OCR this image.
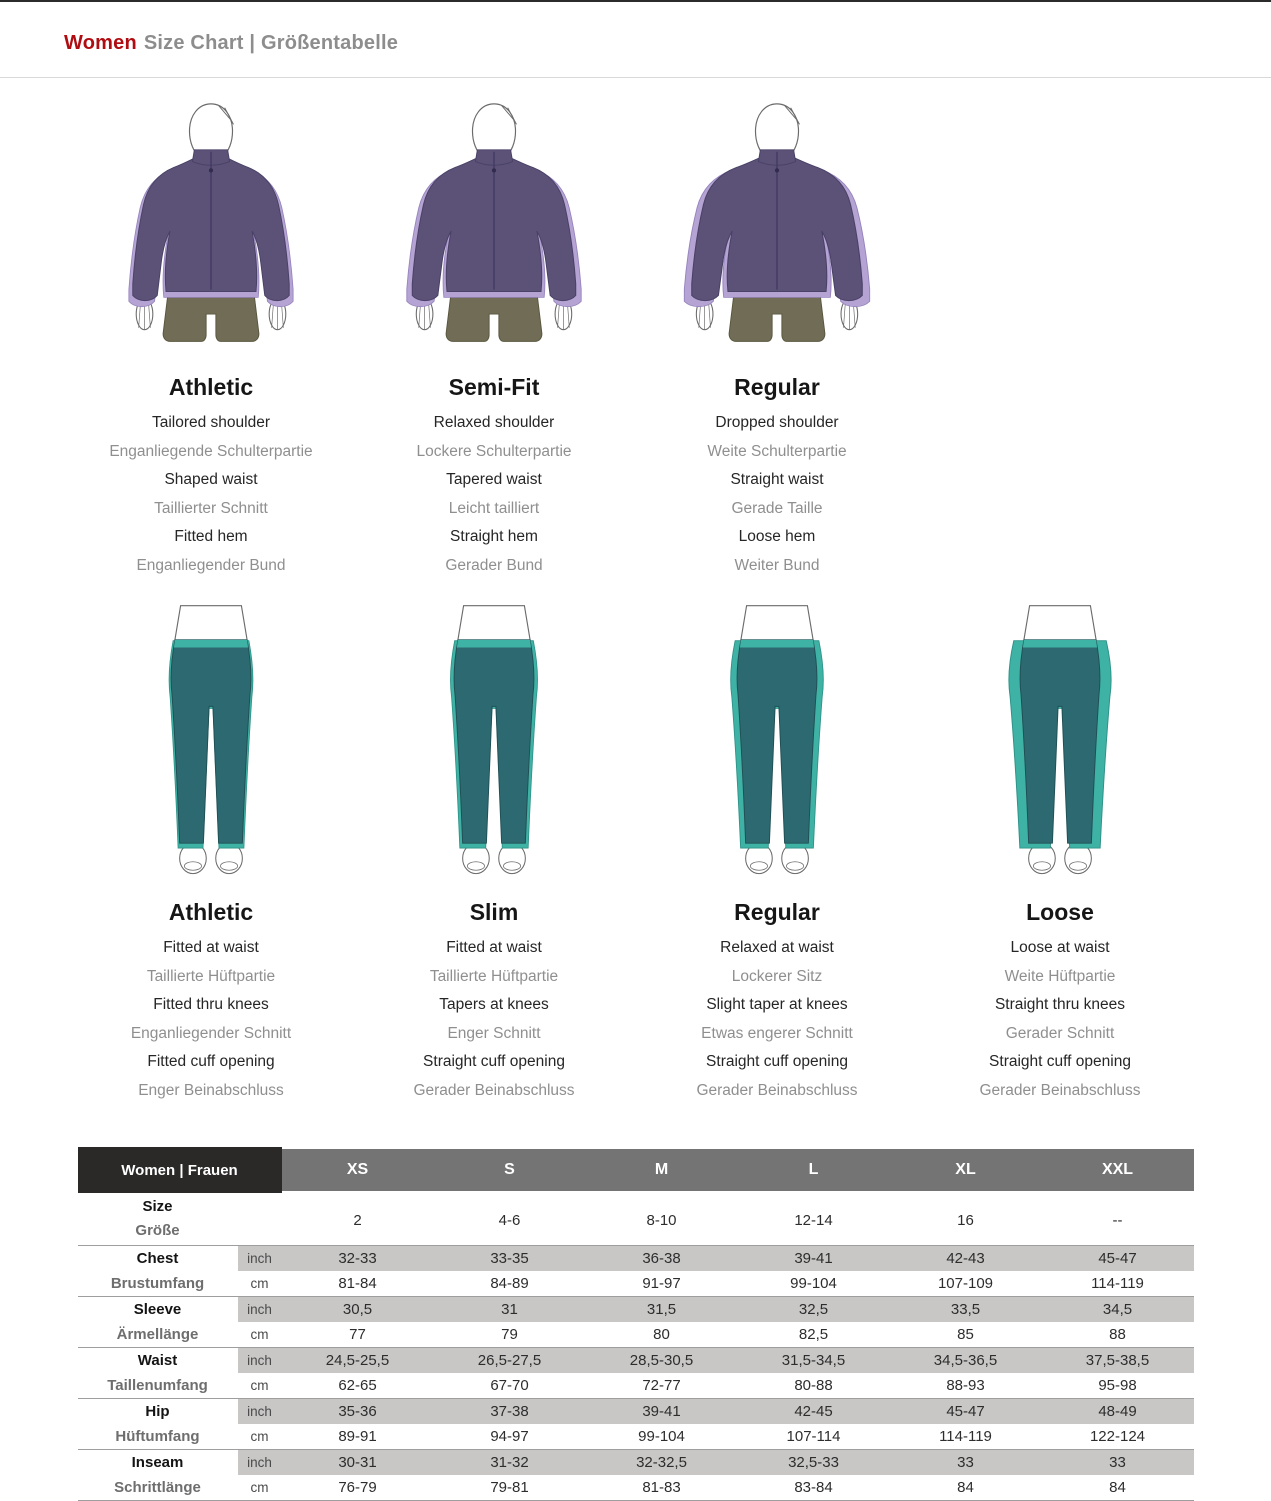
Women Size Chart | Größentabelle
Athletic

Tailored shoulder

Enganliegende Schulterpartie

Shaped waist

Taillierter Schnitt

Fitted hem

Enganliegender Bund

Semi-Fit

Relaxed shoulder

Lockere Schulterpartie

Tapered waist

Leicht tailliert

Straight hem

Gerader Bund

Regular

Dropped shoulder

Weite Schulterpartie

Straight waist

Gerade Taille

Loose hem

Weiter Bund

Athletic

Fitted at waist

Taillierte Hüftpartie

Fitted thru knees

Enganliegender Schnitt

Fitted cuff opening

Enger Beinabschluss

Slim

Fitted at waist

Taillierte Hüftpartie

Tapers at knees

Enger Schnitt

Straight cuff opening

Gerader Beinabschluss

Regular

Relaxed at waist

Lockerer Sitz

Slight taper at knees

Etwas engerer Schnitt

Straight cuff opening

Gerader Beinabschluss

Loose

Loose at waist

Weite Hüftpartie

Straight thru knees

Gerader Schnitt

Straight cuff opening

Gerader Beinabschluss

Women | Frauen		XS	S	M	L	XL	XXL

Size
Größe		2	4-6	8-10	12-14	16	--
Chest	inch	32-33	33-35	36-38	39-41	42-43	45-47
Brustumfang	cm	81-84	84-89	91-97	99-104	107-109	114-119
Sleeve	inch	30,5	31	31,5	32,5	33,5	34,5
Ärmellänge	cm	77	79	80	82,5	85	88
Waist	inch	24,5-25,5	26,5-27,5	28,5-30,5	31,5-34,5	34,5-36,5	37,5-38,5
Taillenumfang	cm	62-65	67-70	72-77	80-88	88-93	95-98
Hip	inch	35-36	37-38	39-41	42-45	45-47	48-49
Hüftumfang	cm	89-91	94-97	99-104	107-114	114-119	122-124
Inseam	inch	30-31	31-32	32-32,5	32,5-33	33	33
Schrittlänge	cm	76-79	79-81	81-83	83-84	84	84
